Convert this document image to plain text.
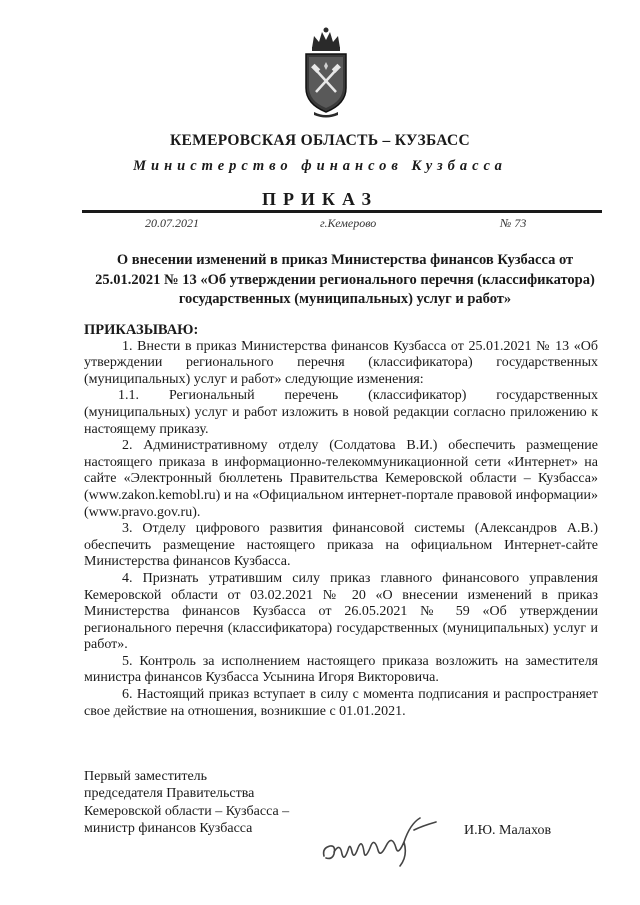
КЕМЕРОВСКАЯ ОБЛАСТЬ – КУЗБАСС
Министерство финансов Кузбасса
ПРИКАЗ
20.07.2021	г.Кемерово	№ 73
О внесении изменений в приказ Министерства финансов Кузбасса от 25.01.2021 № 13 «Об утверждении регионального перечня (классификатора) государственных (муниципальных) услуг и работ»
ПРИКАЗЫВАЮ:

1. Внести в приказ Министерства финансов Кузбасса от 25.01.2021 № 13 «Об утверждении регионального перечня (классификатора) государственных (муниципальных) услуг и работ» следующие изменения:

1.1. Региональный перечень (классификатор) государственных (муниципальных) услуг и работ изложить в новой редакции согласно приложению к настоящему приказу.

2. Административному отделу (Солдатова В.И.) обеспечить размещение настоящего приказа в информационно-телекоммуникационной сети «Интернет» на сайте «Электронный бюллетень Правительства Кемеровской области – Кузбасса» (www.zakon.kemobl.ru) и на «Официальном интернет-портале правовой информации» (www.pravo.gov.ru).

3. Отделу цифрового развития финансовой системы (Александров А.В.) обеспечить размещение настоящего приказа на официальном Интернет-сайте Министерства финансов Кузбасса.

4. Признать утратившим силу приказ главного финансового управления Кемеровской области от 03.02.2021 № 20 «О внесении изменений в приказ Министерства финансов Кузбасса от 26.05.2021 № 59 «Об утверждении регионального перечня (классификатора) государственных (муниципальных) услуг и работ».

5. Контроль за исполнением настоящего приказа возложить на заместителя министра финансов Кузбасса Усынина Игоря Викторовича.

6. Настоящий приказ вступает в силу с момента подписания и распространяет свое действие на отношения, возникшие с 01.01.2021.

Первый заместитель
председателя Правительства
Кемеровской области – Кузбасса –
министр финансов Кузбасса	И.Ю. Малахов
